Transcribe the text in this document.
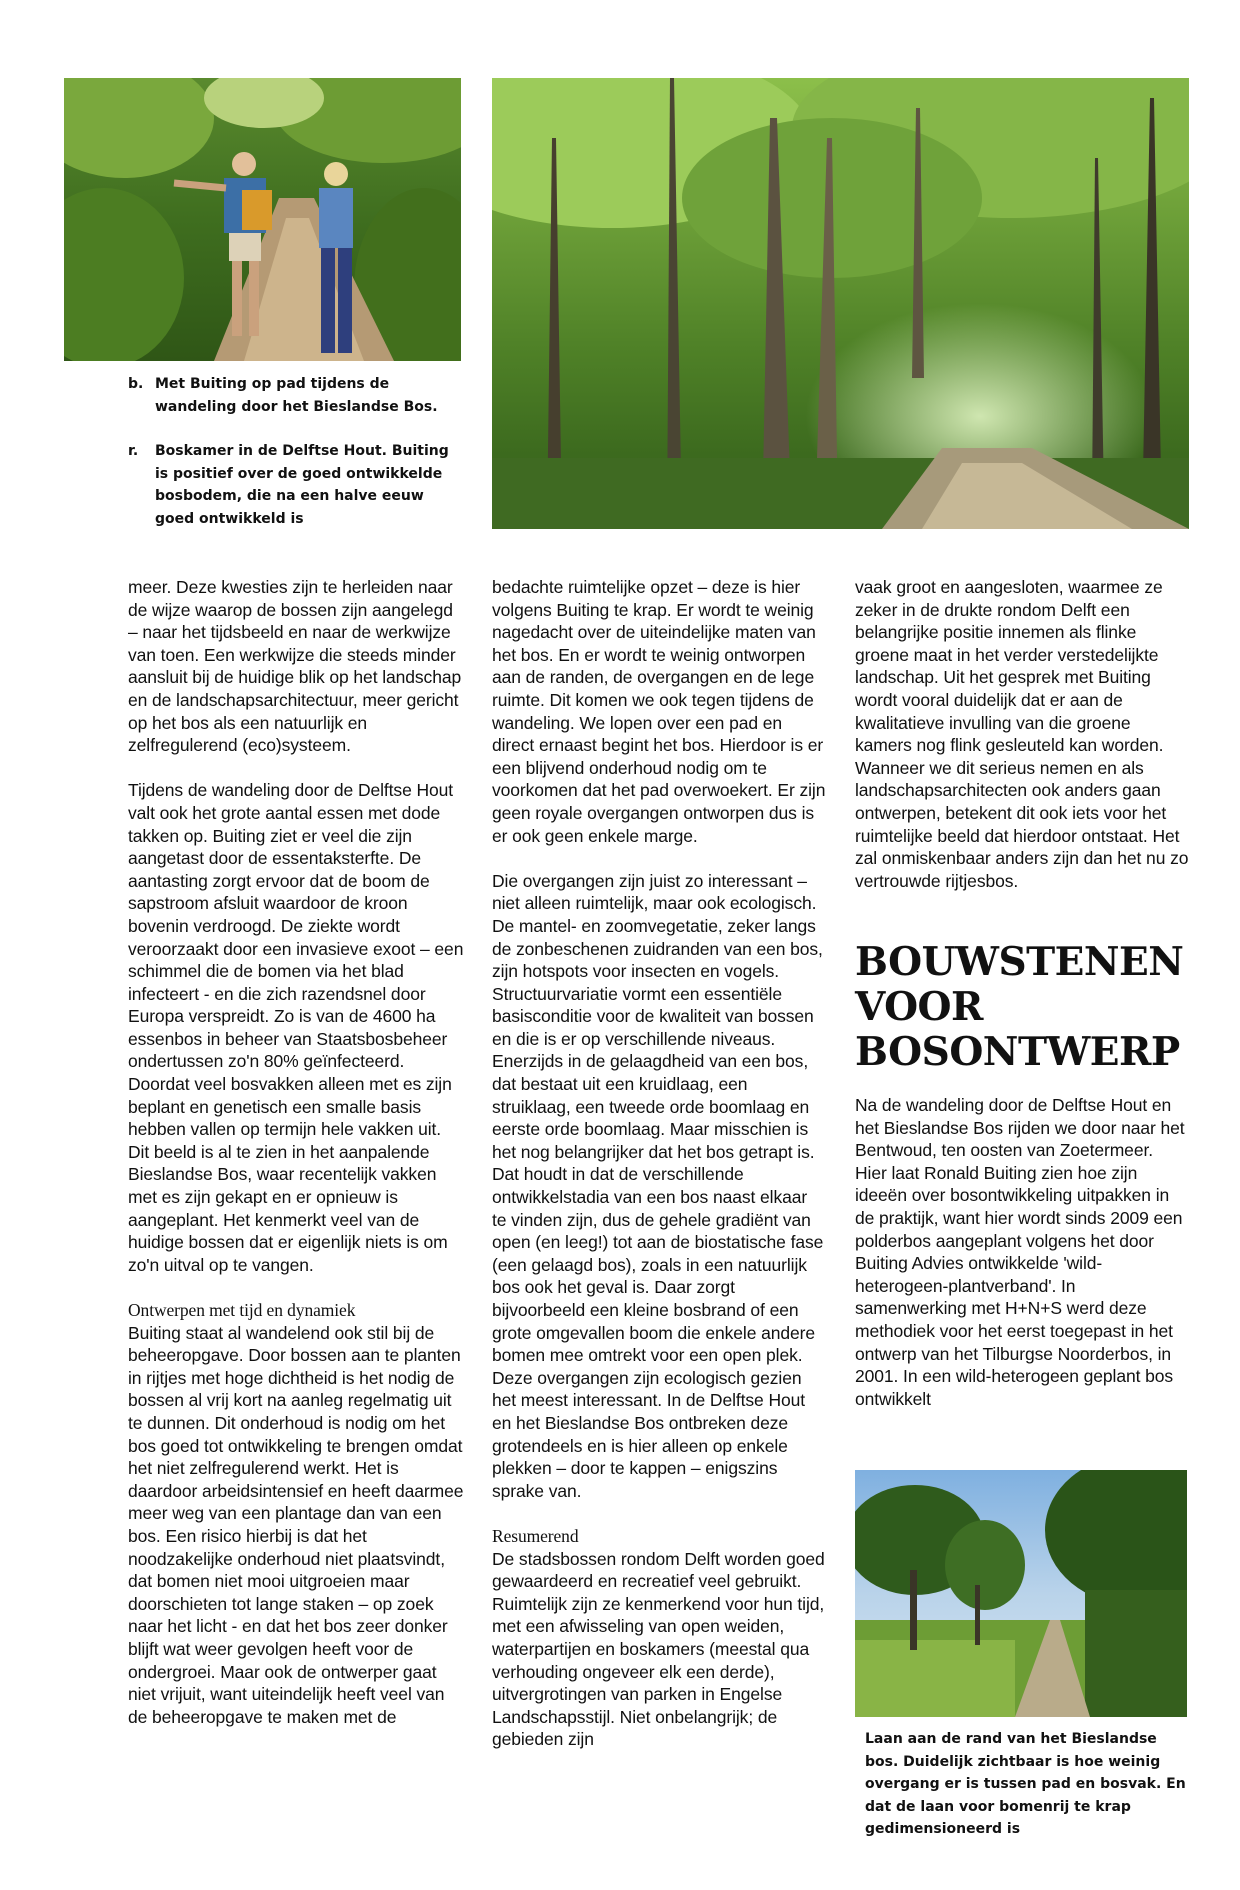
b. Met Buiting op pad tijdens de wandeling door het Bieslandse Bos.
r.	Boskamer in de Delftse Hout. Buiting is positief over de goed ontwikkelde bosbodem, die na een halve eeuw goed ontwikkeld is

meer. Deze kwesties zijn te herleiden naar de wijze waarop de bossen zijn aangelegd – naar het tijdsbeeld en naar de werkwijze van toen. Een werkwijze die steeds minder aansluit bij de huidige blik op het landschap en de landschapsarchitectuur, meer gericht op het bos als een natuurlijk en zelfregulerend (eco)systeem.

Tijdens de wandeling door de Delftse Hout valt ook het grote aantal essen met dode takken op. Buiting ziet er veel die zijn aangetast door de essentaksterfte. De aantasting zorgt ervoor dat de boom de sapstroom afsluit waardoor de kroon bovenin verdroogd. De ziekte wordt veroorzaakt door een invasieve exoot – een schimmel die de bomen via het blad infecteert - en die zich razendsnel door Europa verspreidt. Zo is van de 4600 ha essenbos in beheer van Staatsbosbeheer ondertussen zo'n 80% geïnfecteerd. Doordat veel bosvakken alleen met es zijn beplant en genetisch een smalle basis hebben vallen op termijn hele vakken uit. Dit beeld is al te zien in het aanpalende Bieslandse Bos, waar recentelijk vakken met es zijn gekapt en er opnieuw is aangeplant. Het kenmerkt veel van de huidige bossen dat er eigenlijk niets is om zo'n uitval op te vangen.

Ontwerpen met tijd en dynamiek

Buiting staat al wandelend ook stil bij de beheeropgave. Door bossen aan te planten in rijtjes met hoge dichtheid is het nodig de bossen al vrij kort na aanleg regelmatig uit te dunnen. Dit onderhoud is nodig om het bos goed tot ontwikkeling te brengen omdat het niet zelfregulerend werkt. Het is daardoor arbeidsintensief en heeft daarmee meer weg van een plantage dan van een bos. Een risico hierbij is dat het noodzakelijke onderhoud niet plaatsvindt, dat bomen niet mooi uitgroeien maar doorschieten tot lange staken – op zoek naar het licht - en dat het bos zeer donker blijft wat weer gevolgen heeft voor de ondergroei. Maar ook de ontwerper gaat niet vrijuit, want uiteindelijk heeft veel van de beheeropgave te maken met de

bedachte ruimtelijke opzet – deze is hier volgens Buiting te krap. Er wordt te weinig nagedacht over de uiteindelijke maten van het bos. En er wordt te weinig ontworpen aan de randen, de overgangen en de lege ruimte. Dit komen we ook tegen tijdens de wandeling. We lopen over een pad en direct ernaast begint het bos. Hierdoor is er een blijvend onderhoud nodig om te voorkomen dat het pad overwoekert. Er zijn geen royale overgangen ontworpen dus is er ook geen enkele marge.

Die overgangen zijn juist zo interessant – niet alleen ruimtelijk, maar ook ecologisch. De mantel- en zoomvegetatie, zeker langs de zonbeschenen zuidranden van een bos, zijn hotspots voor insecten en vogels. Structuurvariatie vormt een essentiële basisconditie voor de kwaliteit van bossen en die is er op verschillende niveaus. Enerzijds in de gelaagdheid van een bos, dat bestaat uit een kruidlaag, een struiklaag, een tweede orde boomlaag en eerste orde boomlaag. Maar misschien is het nog belangrijker dat het bos getrapt is. Dat houdt in dat de verschillende ontwikkelstadia van een bos naast elkaar te vinden zijn, dus de gehele gradiënt van open (en leeg!) tot aan de biostatische fase (een gelaagd bos), zoals in een natuurlijk bos ook het geval is. Daar zorgt bijvoorbeeld een kleine bosbrand of een grote omgevallen boom die enkele andere bomen mee omtrekt voor een open plek. Deze overgangen zijn ecologisch gezien het meest interessant. In de Delftse Hout en het Bieslandse Bos ontbreken deze grotendeels en is hier alleen op enkele plekken – door te kappen – enigszins sprake van.

Resumerend

De stadsbossen rondom Delft worden goed gewaardeerd en recreatief veel gebruikt. Ruimtelijk zijn ze kenmerkend voor hun tijd, met een afwisseling van open weiden, waterpartijen en boskamers (meestal qua verhouding ongeveer elk een derde), uitvergrotingen van parken in Engelse Landschapsstijl. Niet onbelangrijk; de gebieden zijn

vaak groot en aangesloten, waarmee ze zeker in de drukte rondom Delft een belangrijke positie innemen als flinke groene maat in het verder verstedelijkte landschap. Uit het gesprek met Buiting wordt vooral duidelijk dat er aan de kwalitatieve invulling van die groene kamers nog flink gesleuteld kan worden. Wanneer we dit serieus nemen en als landschapsarchitecten ook anders gaan ontwerpen, betekent dit ook iets voor het ruimtelijke beeld dat hierdoor ontstaat. Het zal onmiskenbaar anders zijn dan het nu zo vertrouwde rijtjesbos.

BOUWSTENEN
VOOR
BOSONTWERP

Na de wandeling door de Delftse Hout en het Bieslandse Bos rijden we door naar het Bentwoud, ten oosten van Zoetermeer. Hier laat Ronald Buiting zien hoe zijn ideeën over bosontwikkeling uitpakken in de praktijk, want hier wordt sinds 2009 een polderbos aangeplant volgens het door Buiting Advies ontwikkelde 'wild-heterogeen-plantverband'. In samenwerking met H+N+S werd deze methodiek voor het eerst toegepast in het ontwerp van het Tilburgse Noorderbos, in 2001. In een wild-heterogeen geplant bos ontwikkelt

Laan aan de rand van het Bieslandse bos. Duidelijk zichtbaar is hoe weinig overgang er is tussen pad en bosvak. En dat de laan voor bomenrij te krap gedimensioneerd is
